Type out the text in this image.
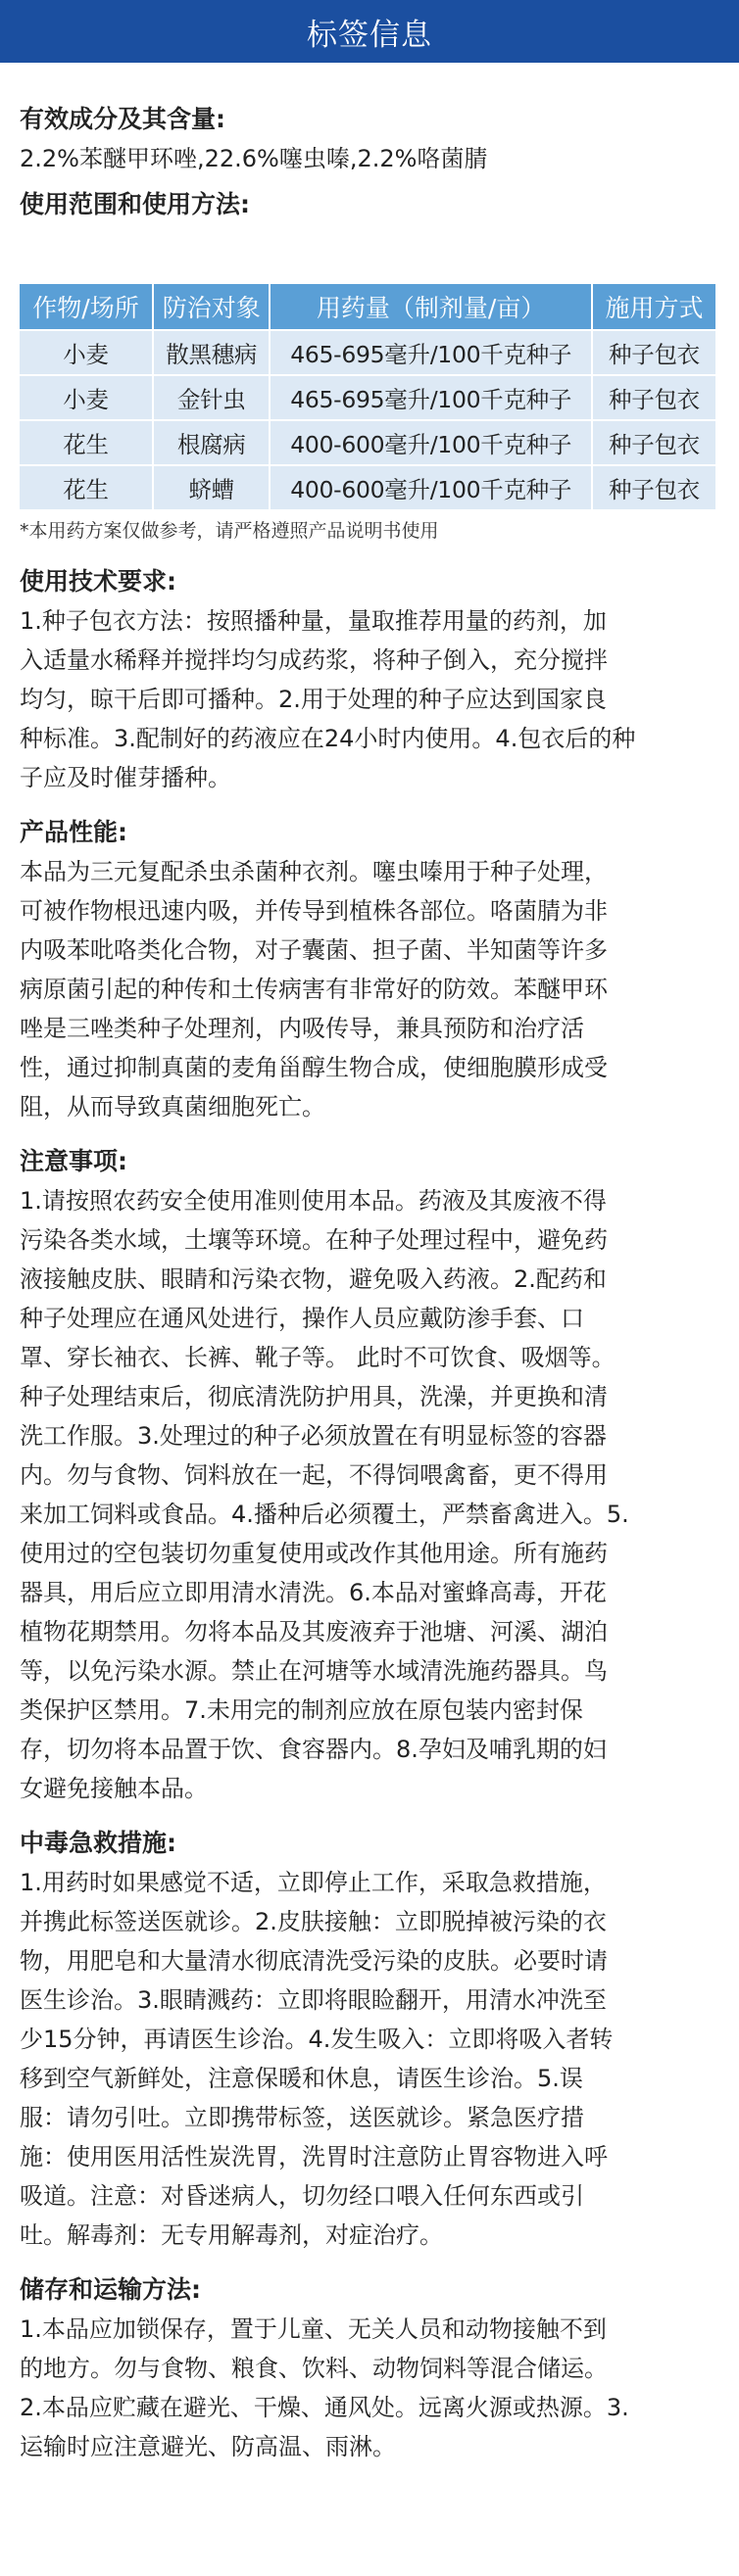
标签信息
有效成分及其含量:
2.2%苯醚甲环唑,22.6%噻虫嗪,2.2%咯菌腈
使用范围和使用方法:
作物/场所	防治对象	用药量（制剂量/亩）	施用方式
小麦	散黑穗病	465-695毫升/100千克种子	种子包衣
小麦	金针虫	465-695毫升/100千克种子	种子包衣
花生	根腐病	400-600毫升/100千克种子	种子包衣
花生	蛴螬	400-600毫升/100千克种子	种子包衣
*本用药方案仅做参考，请严格遵照产品说明书使用
使用技术要求:
1.种子包衣方法：按照播种量，量取推荐用量的药剂，加
入适量水稀释并搅拌均匀成药浆，将种子倒入，充分搅拌
均匀，晾干后即可播种。2.用于处理的种子应达到国家良
种标准。3.配制好的药液应在24小时内使用。4.包衣后的种
子应及时催芽播种。
产品性能:
本品为三元复配杀虫杀菌种衣剂。噻虫嗪用于种子处理，
可被作物根迅速内吸，并传导到植株各部位。咯菌腈为非
内吸苯吡咯类化合物，对子囊菌、担子菌、半知菌等许多
病原菌引起的种传和土传病害有非常好的防效。苯醚甲环
唑是三唑类种子处理剂，内吸传导，兼具预防和治疗活
性，通过抑制真菌的麦角甾醇生物合成，使细胞膜形成受
阻，从而导致真菌细胞死亡。
注意事项:
1.请按照农药安全使用准则使用本品。药液及其废液不得
污染各类水域，土壤等环境。在种子处理过程中，避免药
液接触皮肤、眼睛和污染衣物，避免吸入药液。2.配药和
种子处理应在通风处进行，操作人员应戴防渗手套、口
罩、穿长袖衣、长裤、靴子等。 此时不可饮食、吸烟等。
种子处理结束后，彻底清洗防护用具，洗澡，并更换和清
洗工作服。3.处理过的种子必须放置在有明显标签的容器
内。勿与食物、饲料放在一起，不得饲喂禽畜，更不得用
来加工饲料或食品。4.播种后必须覆土，严禁畜禽进入。5.
使用过的空包装切勿重复使用或改作其他用途。所有施药
器具，用后应立即用清水清洗。6.本品对蜜蜂高毒，开花
植物花期禁用。勿将本品及其废液弃于池塘、河溪、湖泊
等，以免污染水源。禁止在河塘等水域清洗施药器具。鸟
类保护区禁用。7.未用完的制剂应放在原包装内密封保
存，切勿将本品置于饮、食容器内。8.孕妇及哺乳期的妇
女避免接触本品。
中毒急救措施:
1.用药时如果感觉不适，立即停止工作，采取急救措施，
并携此标签送医就诊。2.皮肤接触：立即脱掉被污染的衣
物，用肥皂和大量清水彻底清洗受污染的皮肤。必要时请
医生诊治。3.眼睛溅药：立即将眼睑翻开，用清水冲洗至
少15分钟，再请医生诊治。4.发生吸入：立即将吸入者转
移到空气新鲜处，注意保暖和休息，请医生诊治。5.误
服：请勿引吐。立即携带标签，送医就诊。紧急医疗措
施：使用医用活性炭洗胃，洗胃时注意防止胃容物进入呼
吸道。注意：对昏迷病人，切勿经口喂入任何东西或引
吐。解毒剂：无专用解毒剂，对症治疗。
储存和运输方法:
1.本品应加锁保存，置于儿童、无关人员和动物接触不到
的地方。勿与食物、粮食、饮料、动物饲料等混合储运。
2.本品应贮藏在避光、干燥、通风处。远离火源或热源。3.
运输时应注意避光、防高温、雨淋。
